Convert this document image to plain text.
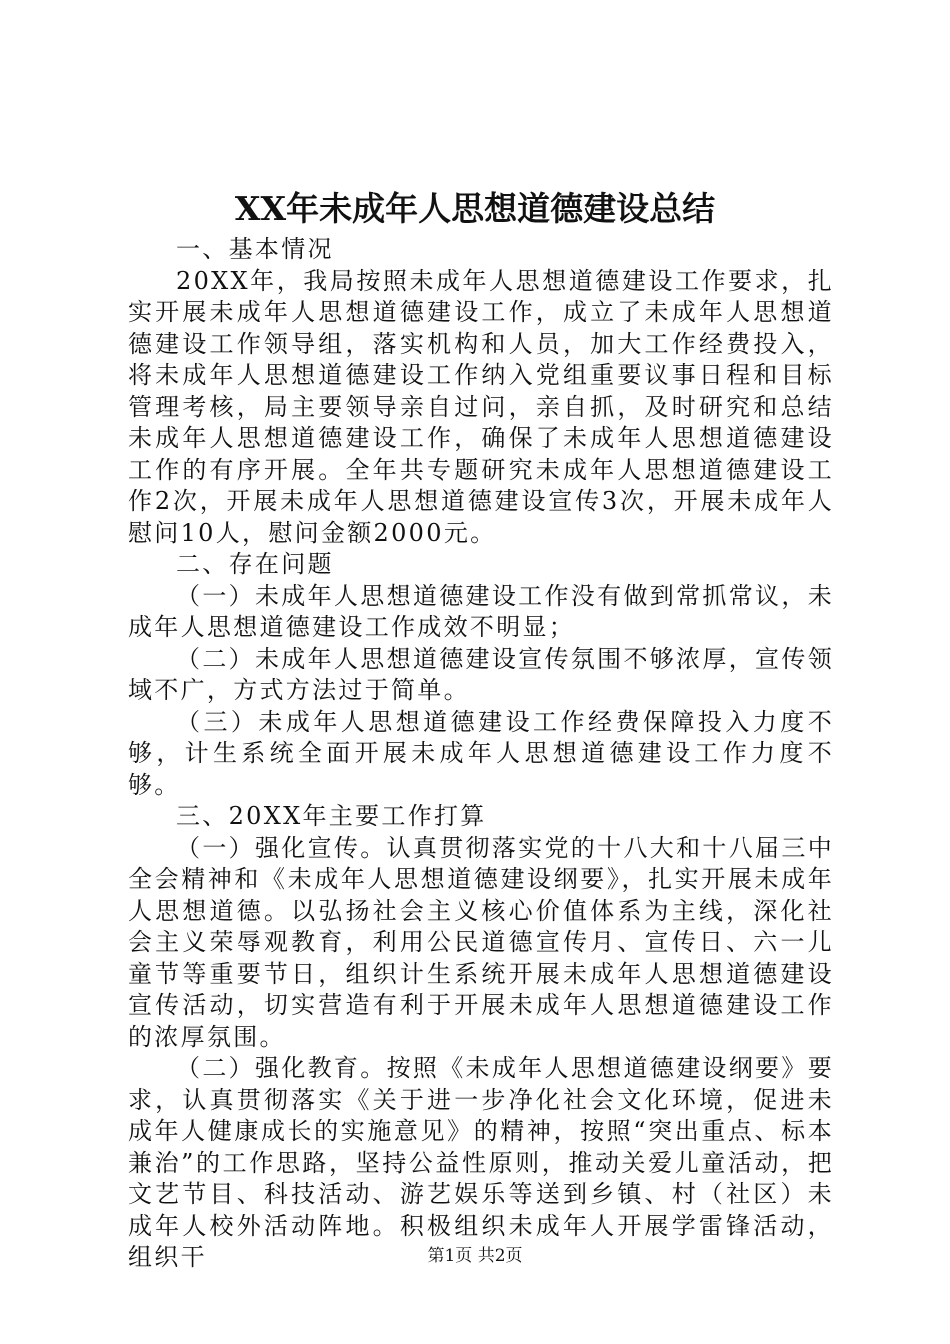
XX年未成年人思想道德建设总结

一、基本情况

20XX年，我局按照未成年人思想道德建设工作要求，扎实开展未成年人思想道德建设工作，成立了未成年人思想道德建设工作领导组，落实机构和人员，加大工作经费投入，将未成年人思想道德建设工作纳入党组重要议事日程和目标管理考核，局主要领导亲自过问，亲自抓，及时研究和总结未成年人思想道德建设工作，确保了未成年人思想道德建设工作的有序开展。全年共专题研究未成年人思想道德建设工作2次，开展未成年人思想道德建设宣传3次，开展未成年人慰问10人，慰问金额2000元。

二、存在问题

（一）未成年人思想道德建设工作没有做到常抓常议，未成年人思想道德建设工作成效不明显；

（二）未成年人思想道德建设宣传氛围不够浓厚，宣传领域不广，方式方法过于简单。

（三）未成年人思想道德建设工作经费保障投入力度不够，计生系统全面开展未成年人思想道德建设工作力度不够。

三、20XX年主要工作打算

（一）强化宣传。认真贯彻落实党的十八大和十八届三中全会精神和《未成年人思想道德建设纲要》，扎实开展未成年人思想道德。以弘扬社会主义核心价值体系为主线，深化社会主义荣辱观教育，利用公民道德宣传月、宣传日、六一儿童节等重要节日，组织计生系统开展未成年人思想道德建设宣传活动，切实营造有利于开展未成年人思想道德建设工作的浓厚氛围。

（二）强化教育。按照《未成年人思想道德建设纲要》要求，认真贯彻落实《关于进一步净化社会文化环境，促进未成年人健康成长的实施意见》的精神，按照“突出重点、标本兼治”的工作思路，坚持公益性原则，推动关爱儿童活动，把文艺节目、科技活动、游艺娱乐等送到乡镇、村（社区）未成年人校外活动阵地。积极组织未成年人开展学雷锋活动，组织干	第1页 共2页
